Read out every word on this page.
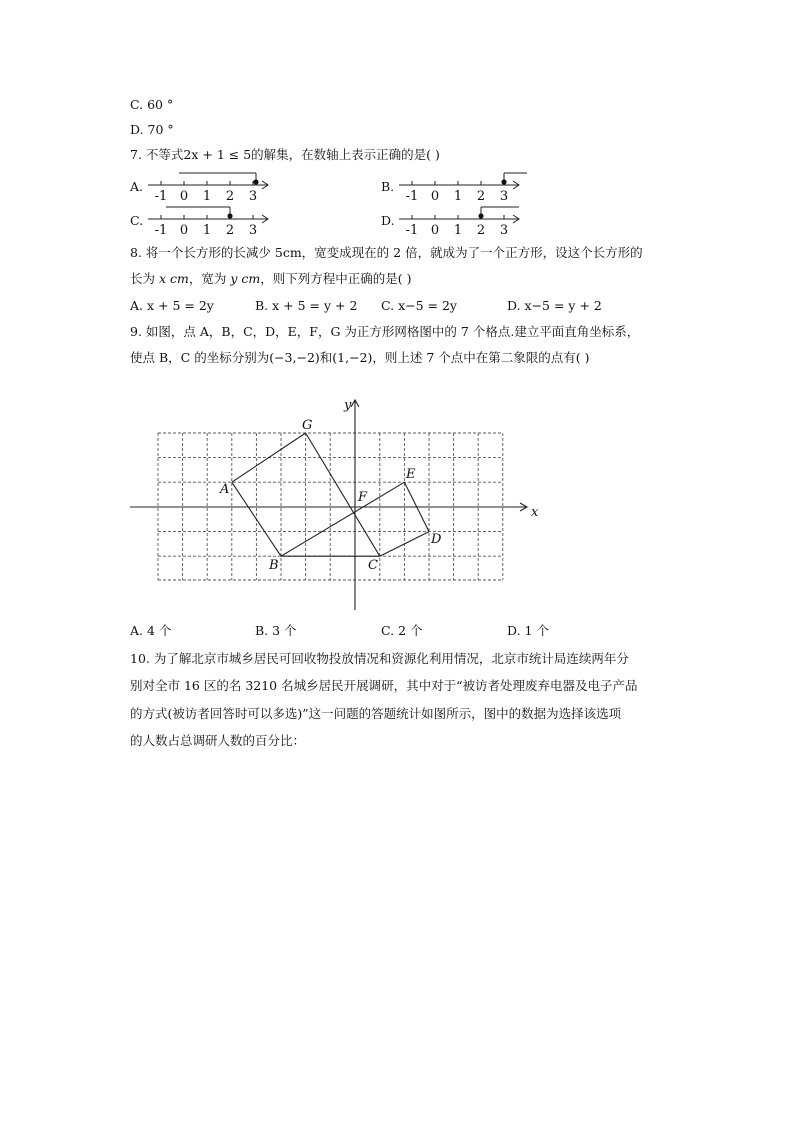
C. 60 °
D. 70 °
7. 不等式2x + 1 ≤ 5的解集，在数轴上表示正确的是( )
A.
-1 0 1 2 3
B.
-1 0 1 2 3
C.
-1 0 1 2 3
D.
-1 0 1 2 3
8. 将一个长方形的长减少 5cm，宽变成现在的 2 倍，就成为了一个正方形，设这个长方形的
长为 x cm，宽为 y cm，则下列方程中正确的是( )
A. x + 5 = 2y	B. x + 5 = y + 2 C. x−5 = 2y	D. x−5 = y + 2
9. 如图，点 A，B，C，D，E，F，G 为正方形网格图中的 7 个格点.建立平面直角坐标系，
使点 B，C 的坐标分别为(−3,−2)和(1,−2)，则上述 7 个点中在第二象限的点有( )
x
y
A
B	C
D
E
F
G
A. 4 个	B. 3 个	C. 2 个	D. 1 个
10. 为了解北京市城乡居民可回收物投放情况和资源化利用情况，北京市统计局连续两年分
别对全市 16 区的名 3210 名城乡居民开展调研，其中对于“被访者处理废弃电器及电子产品
的方式(被访者回答时可以多选)”这一问题的答题统计如图所示，图中的数据为选择该选项
的人数占总调研人数的百分比：
